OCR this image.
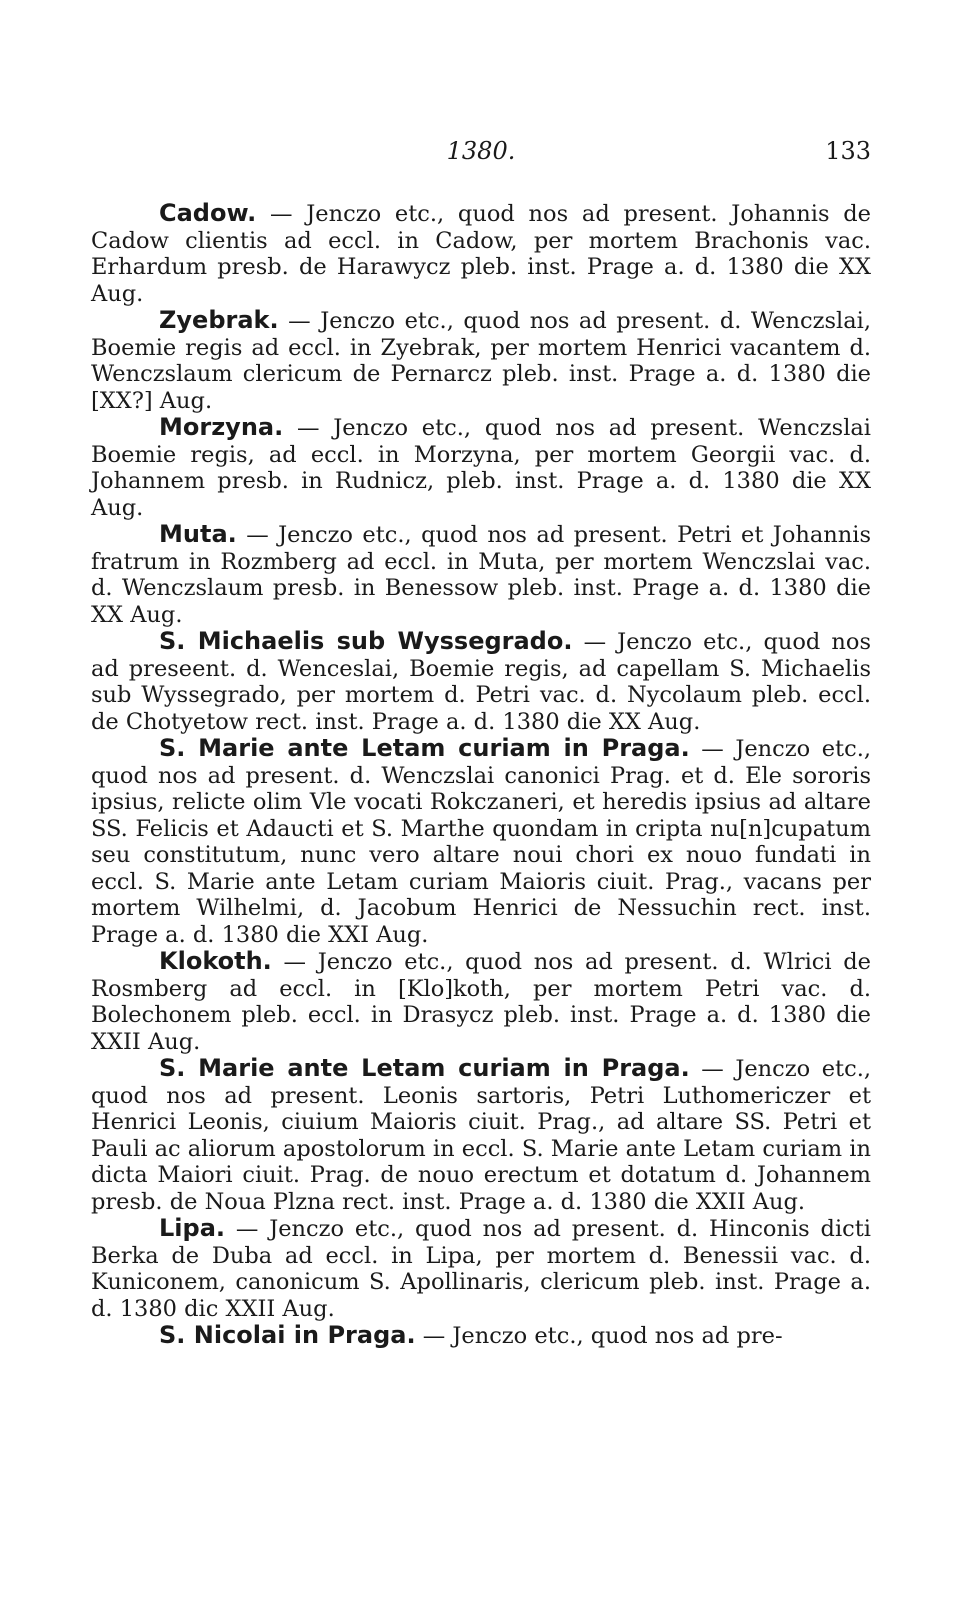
1380.	133

Cadow. — Jenczo etc., quod nos ad present. Johannis de Cadow clientis ad eccl. in Cadow, per mortem Brachonis vac. Erhardum presb. de Harawycz pleb. inst. Prage a. d. 1380 die XX Aug.

Zyebrak. — Jenczo etc., quod nos ad present. d. Wenczslai, Boemie regis ad eccl. in Zyebrak, per mortem Henrici vacantem d. Wenczslaum clericum de Pernarcz pleb. inst. Prage a. d. 1380 die [XX?] Aug.

Morzyna. — Jenczo etc., quod nos ad present. Wenczslai Boemie regis, ad eccl. in Morzyna, per mortem Georgii vac. d. Johannem presb. in Rudnicz, pleb. inst. Prage a. d. 1380 die XX Aug.

Muta. — Jenczo etc., quod nos ad present. Petri et Johannis fratrum in Rozmberg ad eccl. in Muta, per mortem Wenczslai vac. d. Wenczslaum presb. in Benessow pleb. inst. Prage a. d. 1380 die XX Aug.

S. Michaelis sub Wyssegrado. — Jenczo etc., quod nos ad preseent. d. Wenceslai, Boemie regis, ad capellam S. Michaelis sub Wyssegrado, per mortem d. Petri vac. d. Nycolaum pleb. eccl. de Chotyetow rect. inst. Prage a. d. 1380 die XX Aug.

S. Marie ante Letam curiam in Praga. — Jenczo etc., quod nos ad present. d. Wenczslai canonici Prag. et d. Ele sororis ipsius, relicte olim Vle vocati Rokczaneri, et heredis ipsius ad altare SS. Felicis et Adaucti et S. Marthe quondam in cripta nu[n]cupatum seu constitutum, nunc vero altare noui chori ex nouo fundati in eccl. S. Marie ante Letam curiam Maioris ciuit. Prag., vacans per mortem Wilhelmi, d. Jacobum Henrici de Nessuchin rect. inst. Prage a. d. 1380 die XXI Aug.

Klokoth. — Jenczo etc., quod nos ad present. d. Wlrici de Rosmberg ad eccl. in [Klo]koth, per mortem Petri vac. d. Bolechonem pleb. eccl. in Drasycz pleb. inst. Prage a. d. 1380 die XXII Aug.

S. Marie ante Letam curiam in Praga. — Jenczo etc., quod nos ad present. Leonis sartoris, Petri Luthomericzer et Henrici Leonis, ciuium Maioris ciuit. Prag., ad altare SS. Petri et Pauli ac aliorum apostolorum in eccl. S. Marie ante Letam curiam in dicta Maiori ciuit. Prag. de nouo erectum et dotatum d. Johannem presb. de Noua Plzna rect. inst. Prage a. d. 1380 die XXII Aug.

Lipa. — Jenczo etc., quod nos ad present. d. Hinconis dicti Berka de Duba ad eccl. in Lipa, per mortem d. Benessii vac. d. Kuniconem, canonicum S. Apollinaris, clericum pleb. inst. Prage a. d. 1380 dic XXII Aug.

S. Nicolai in Praga. — Jenczo etc., quod nos ad pre-
